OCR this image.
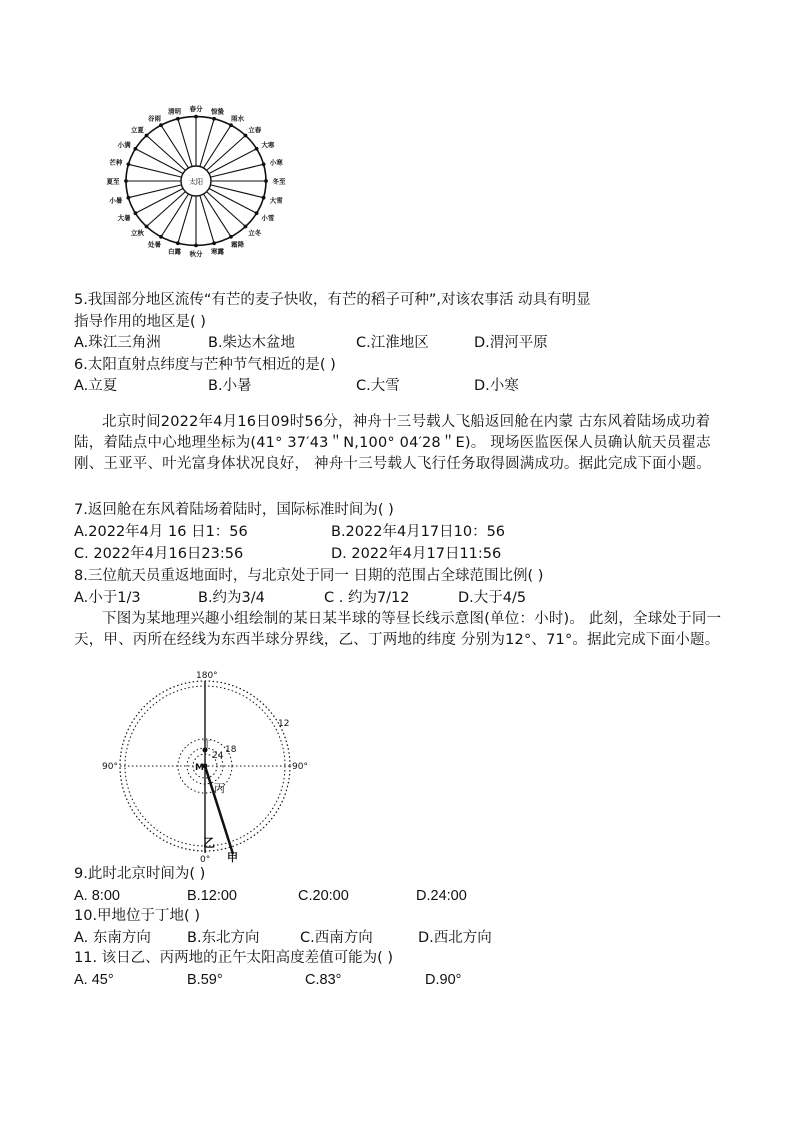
太阳
春分 惊蛰
雨水
立春
大寒
小寒
冬至
大雪
小雪
立冬
霜降
寒露
秋分
白露
处暑
立秋
大暑
小暑
夏至
芒种
小满
立夏
谷雨
清明
5.我国部分地区流传“有芒的麦子快收，有芒的稻子可种”,对该农事活 动具有明显
指导作用的地区是( )
A.珠江三角洲	B.柴达木盆地	C.江淮地区	D.渭河平原
6.太阳直射点纬度与芒种节气相近的是( )
A.立夏	B.小暑	C.大雪	D.小寒
北京时间2022年4月16日09时56分，神舟十三号载人飞船返回舱在内蒙 古东风着陆场成功着陆，着陆点中心地理坐标为(41° 37′43＂N,100° 04′28＂E)。 现场医监医保人员确认航天员翟志刚、王亚平、叶光富身体状况良好， 神舟十三号载人飞行任务取得圆满成功。据此完成下面小题。
7.返回舱在东风着陆场着陆时，国际标准时间为( )
A.2022年4月 16 日1：56	B.2022年4月17日10：56
C. 2022年4月16日23:56	D. 2022年4月17日11:56
8.三位航天员重返地面时，与北京处于同一 日期的范围占全球范围比例( )
A.小于1/3	B.约为3/4	C . 约为7/12	D.大于4/5
下图为某地理兴趣小组绘制的某日某半球的等昼长线示意图(单位：小时)。 此刻，全球处于同一天，甲、丙所在经线为东西半球分界线，乙、丁两地的纬度 分别为12°、71°。据此完成下面小题。
180°
90°	90°
0°
12
18
24
M
丁
丙
乙
甲
9.此时北京时间为( )
A. 8:00	B.12:00	C.20:00	D.24:00
10.甲地位于丁地( )
A. 东南方向 B.东北方向	C.西南方向	D.西北方向
11. 该日乙、丙两地的正午太阳高度差值可能为( )
A. 45°	B.59°	C.83°	D.90°
